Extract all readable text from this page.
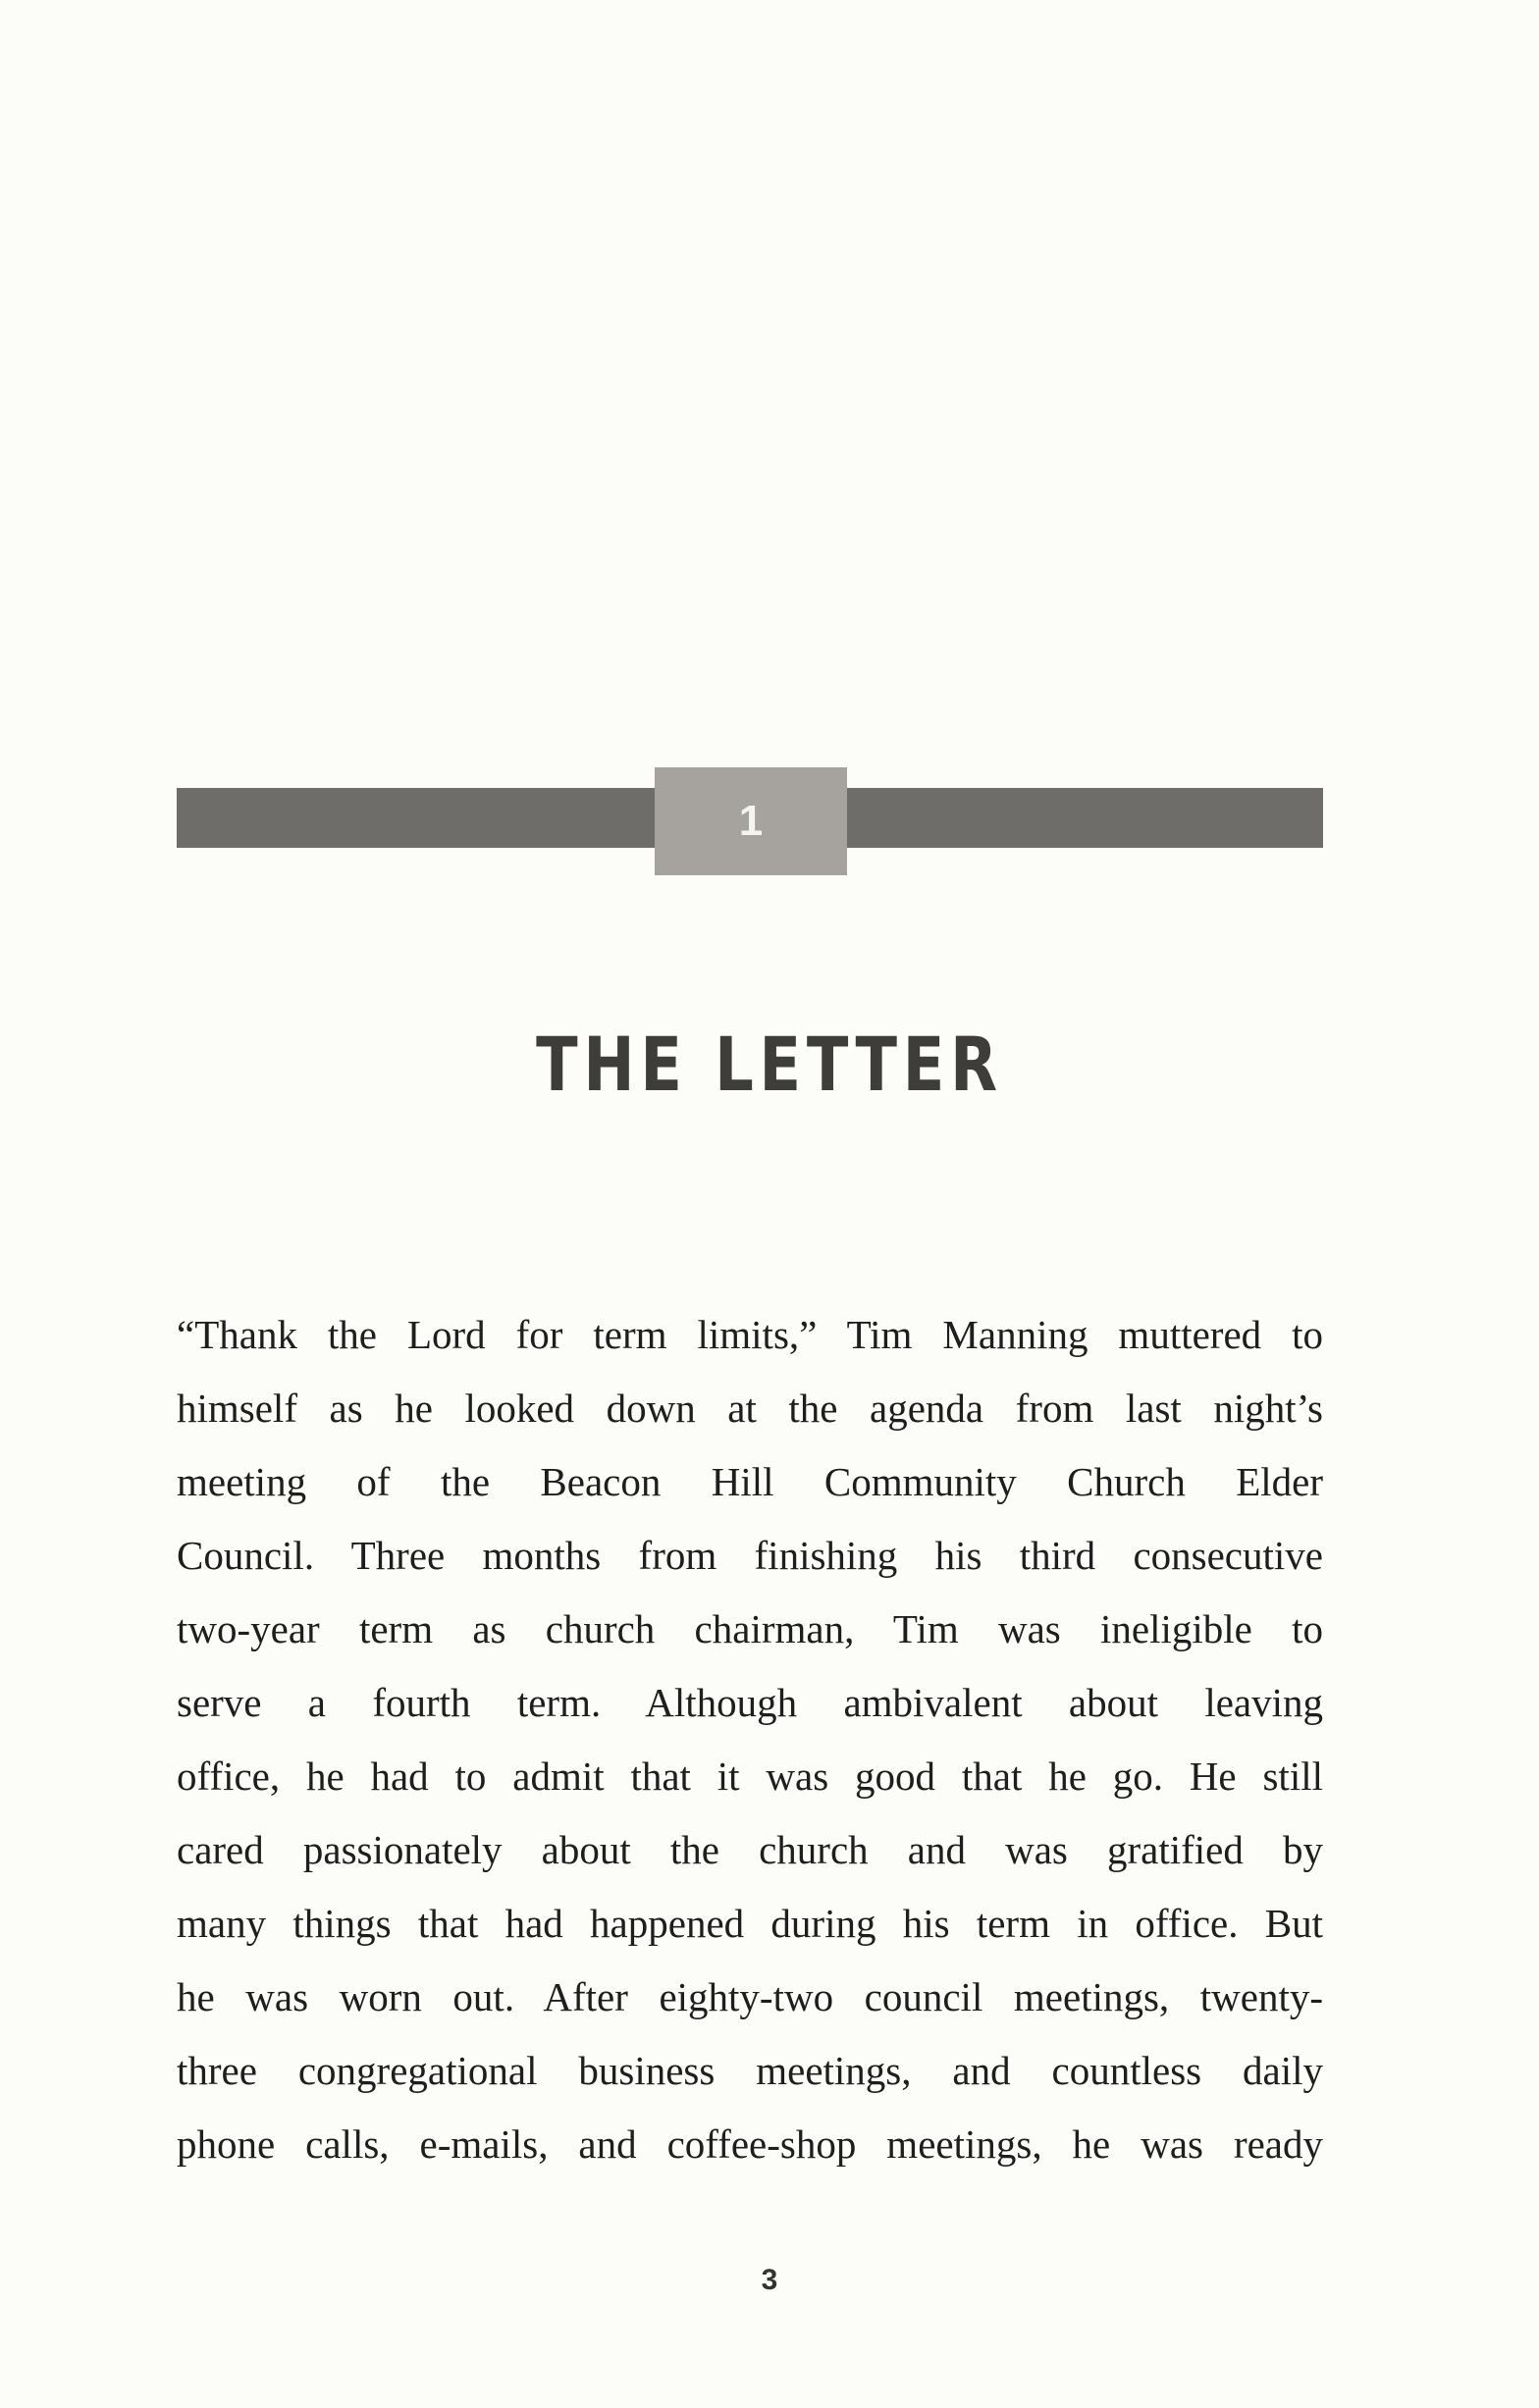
1
THE LETTER
“Thank the Lord for term limits,” Tim Manning muttered to
himself as he looked down at the agenda from last night’s
meeting of the Beacon Hill Community Church Elder
Council. Three months from finishing his third consecutive
two-year term as church chairman, Tim was ineligible to
serve a fourth term. Although ambivalent about leaving
office, he had to admit that it was good that he go. He still
cared passionately about the church and was gratified by
many things that had happened during his term in office. But
he was worn out. After eighty-two council meetings, twenty-
three congregational business meetings, and countless daily
phone calls, e-mails, and coffee-shop meetings, he was ready
3
